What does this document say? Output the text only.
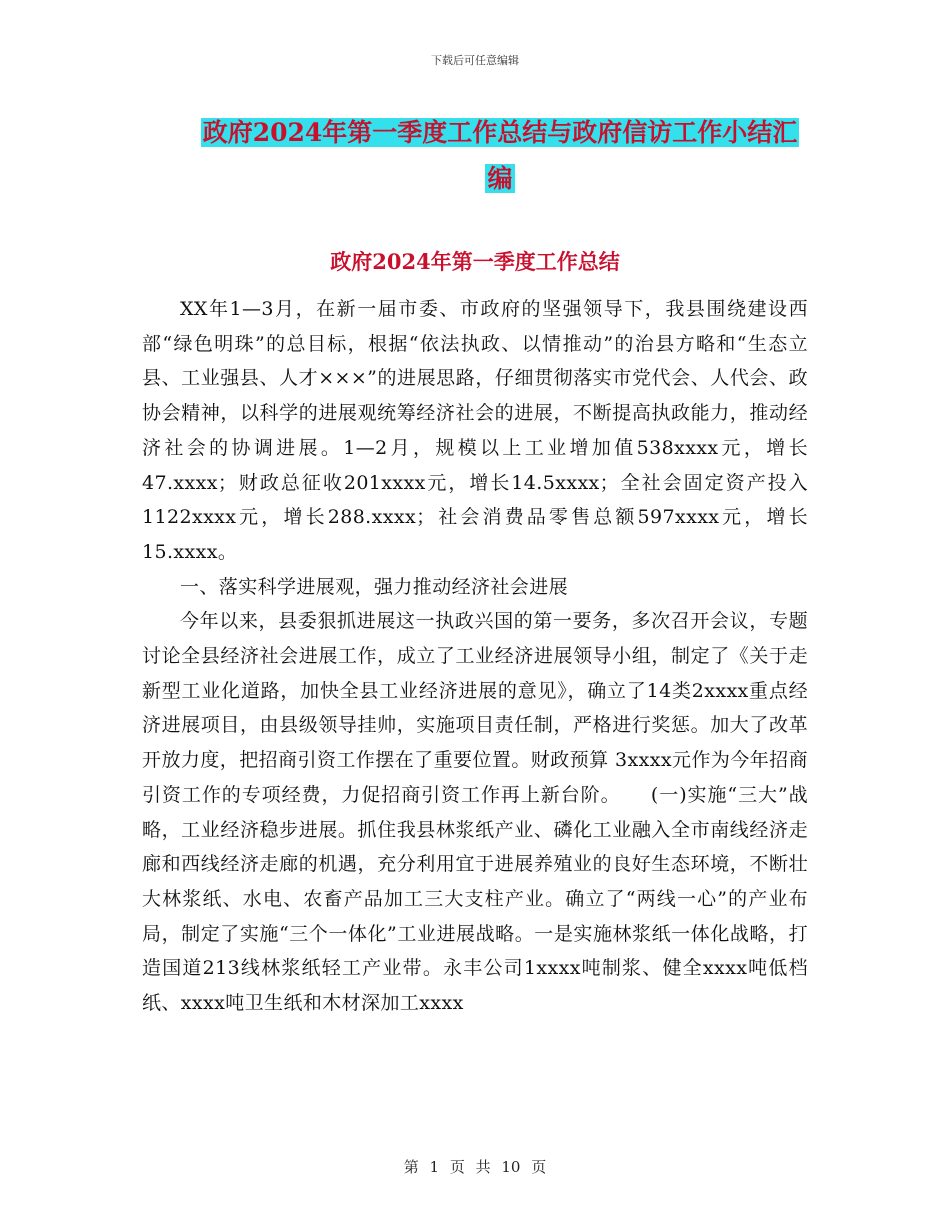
下载后可任意编辑
政府2024年第一季度工作总结与政府信访工作小结汇
编
政府2024年第一季度工作总结

XX年1—3月，在新一届市委、市政府的坚强领导下，我县围绕建设西部“绿色明珠”的总目标，根据“依法执政、以情推动”的治县方略和“生态立县、工业强县、人才×××”的进展思路，仔细贯彻落实市党代会、人代会、政协会精神，以科学的进展观统筹经济社会的进展，不断提高执政能力，推动经济社会的协调进展。1—2月，规模以上工业增加值538xxxx元，增长47.xxxx；财政总征收201xxxx元，增长14.5xxxx；全社会固定资产投入1122xxxx元，增长288.xxxx；社会消费品零售总额597xxxx元，增长15.xxxx。

一、落实科学进展观，强力推动经济社会进展

今年以来，县委狠抓进展这一执政兴国的第一要务，多次召开会议，专题讨论全县经济社会进展工作，成立了工业经济进展领导小组，制定了《关于走新型工业化道路，加快全县工业经济进展的意见》，确立了14类2xxxx重点经济进展项目，由县级领导挂帅，实施项目责任制，严格进行奖惩。加大了改革开放力度，把招商引资工作摆在了重要位置。财政预算 3xxxx元作为今年招商引资工作的专项经费，力促招商引资工作再上新台阶。　　(一)实施“三大”战略，工业经济稳步进展。抓住我县林浆纸产业、磷化工业融入全市南线经济走廊和西线经济走廊的机遇，充分利用宜于进展养殖业的良好生态环境，不断壮大林浆纸、水电、农畜产品加工三大支柱产业。确立了“两线一心”的产业布局，制定了实施“三个一体化”工业进展战略。一是实施林浆纸一体化战略，打造国道213线林浆纸轻工产业带。永丰公司1xxxx吨制浆、健全xxxx吨低档纸、xxxx吨卫生纸和木材深加工xxxx

第 1 页 共 10 页
